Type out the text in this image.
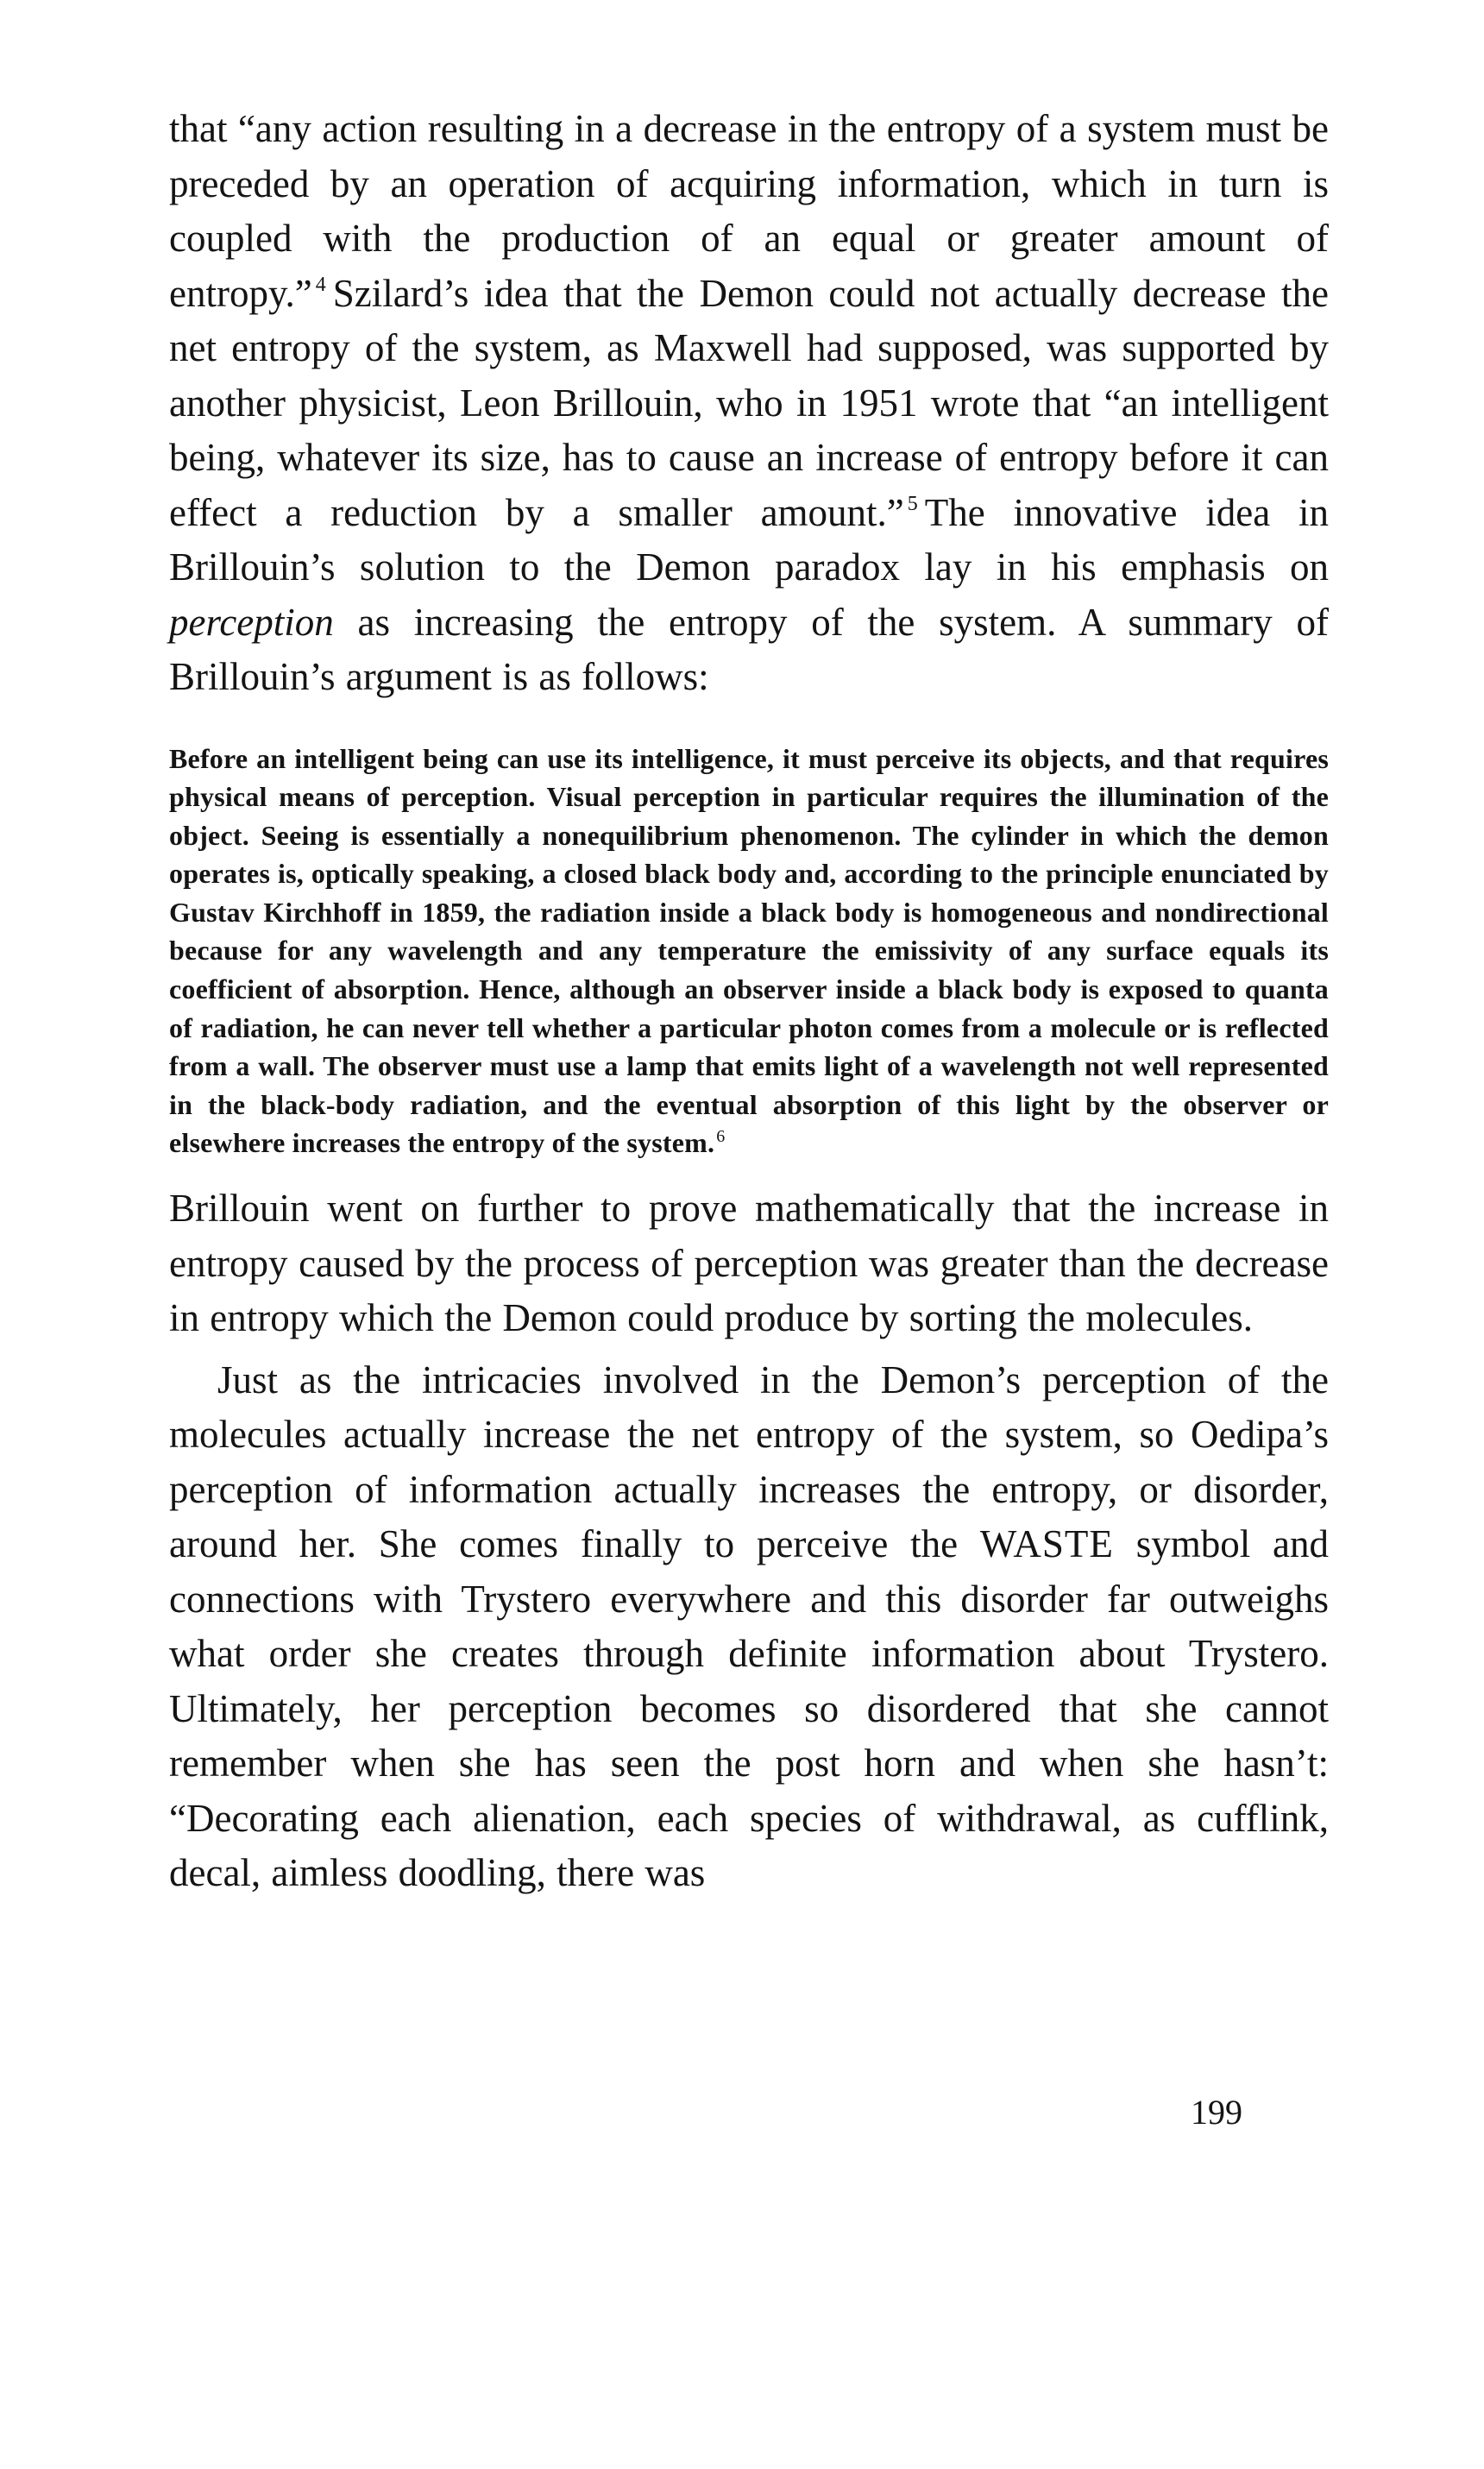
that “any action resulting in a decrease in the entropy of a system must be preceded by an operation of acquiring information, which in turn is coupled with the production of an equal or greater amount of entropy.” $^4$ Szilard’s idea that the Demon could not actually decrease the net entropy of the system, as Maxwell had supposed, was supported by another physicist, Leon Brillouin, who in 1951 wrote that “an intelligent being, whatever its size, has to cause an increase of entropy before it can effect a reduction by a smaller amount.” $^5$ The innovative idea in Brillouin’s solution to the Demon paradox lay in his emphasis on perception as increasing the entropy of the system. A summary of Brillouin’s argument is as follows:

Before an intelligent being can use its intelligence, it must perceive its objects, and that requires physical means of perception. Visual perception in particular requires the illumination of the object. Seeing is essentially a nonequilibrium phenomenon. The cylinder in which the demon operates is, optically speaking, a closed black body and, according to the principle enunciated by Gustav Kirchhoff in 1859, the radiation inside a black body is homogeneous and nondirectional because for any wavelength and any temperature the emissivity of any surface equals its coefficient of absorption. Hence, although an observer inside a black body is exposed to quanta of radiation, he can never tell whether a particular photon comes from a molecule or is reflected from a wall. The observer must use a lamp that emits light of a wavelength not well represented in the black-body radiation, and the eventual absorption of this light by the observer or elsewhere increases the entropy of the system. $^6$

Brillouin went on further to prove mathematically that the increase in entropy caused by the process of perception was greater than the decrease in entropy which the Demon could produce by sorting the molecules.

Just as the intricacies involved in the Demon’s perception of the molecules actually increase the net entropy of the system, so Oedipa’s perception of information actually increases the entropy, or disorder, around her. She comes finally to perceive the WASTE symbol and connections with Trystero everywhere and this disorder far outweighs what order she creates through definite information about Trystero. Ultimately, her perception becomes so disordered that she cannot remember when she has seen the post horn and when she hasn’t: “Decorating each alienation, each species of withdrawal, as cufflink, decal, aimless doodling, there was

199
